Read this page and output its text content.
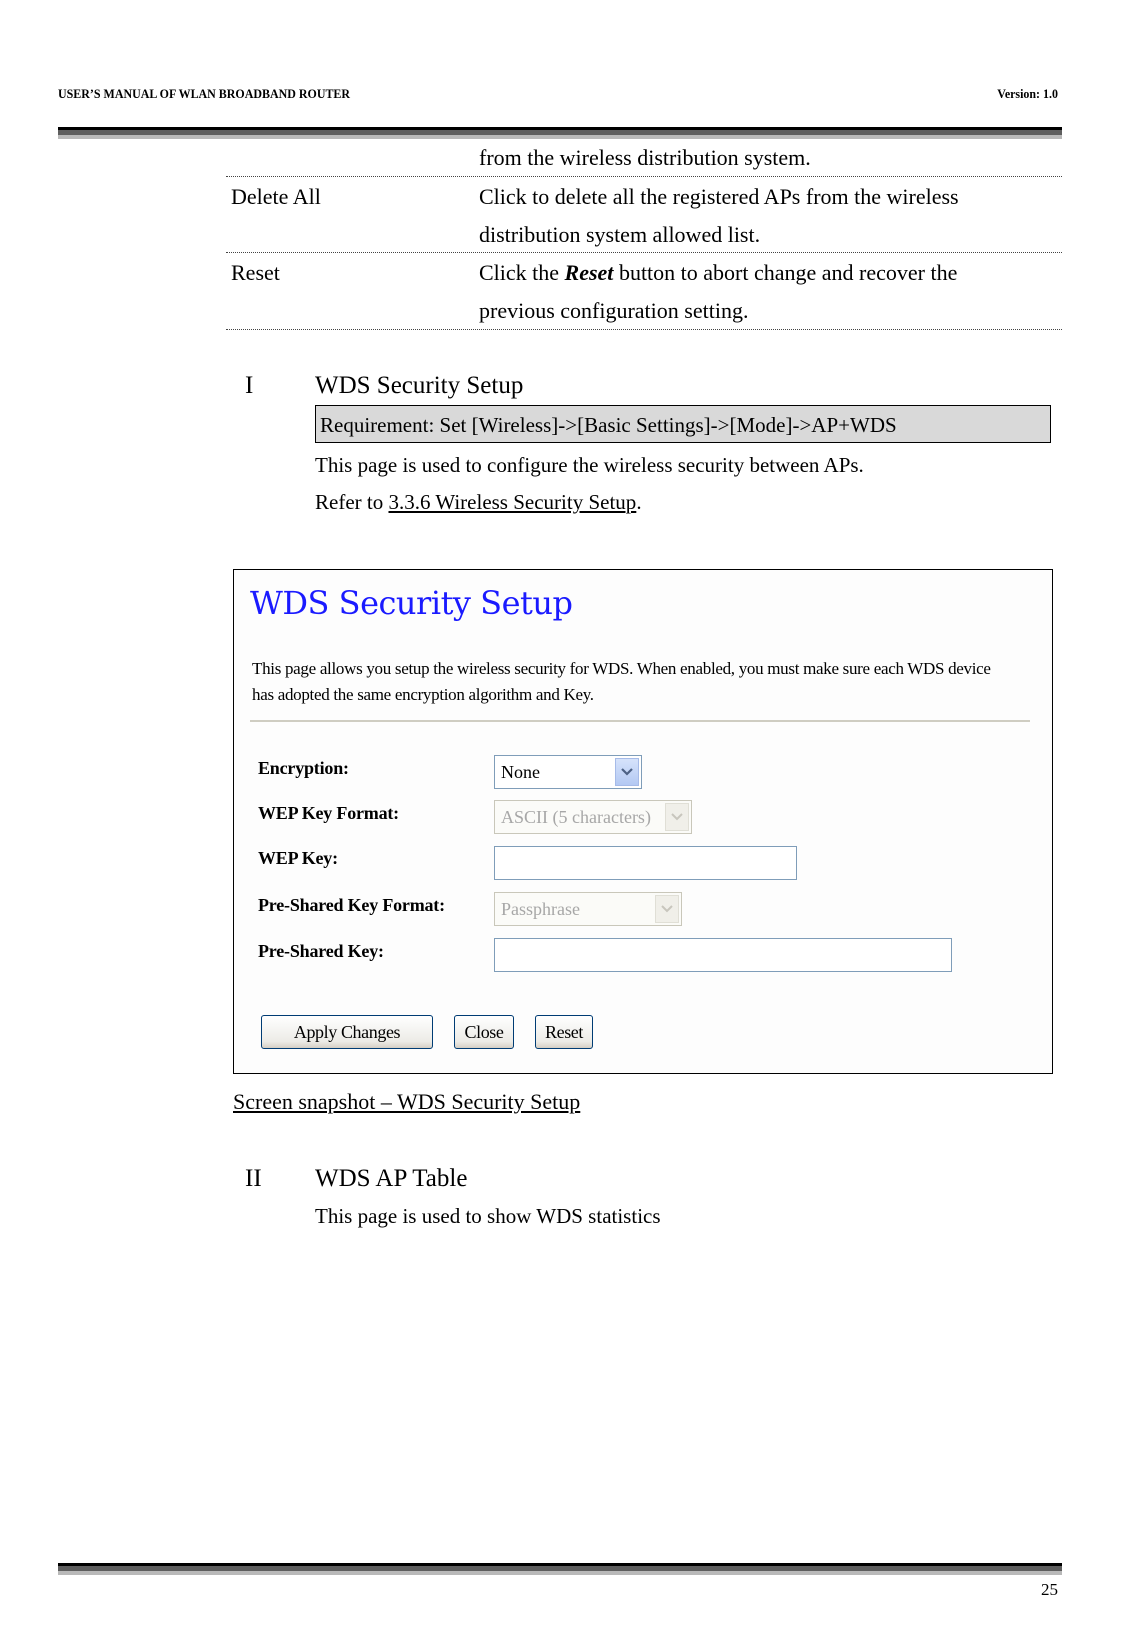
USER’S MANUAL OF WLAN BROADBAND ROUTER	Version: 1.0
from the wireless distribution system.
Delete All	Click to delete all the registered APs from the wireless
distribution system allowed list.
Reset	Click the Reset button to abort change and recover the
previous configuration setting.
I WDS Security Setup
Requirement: Set [Wireless]->[Basic Settings]->[Mode]->AP+WDS
This page is used to configure the wireless security between APs.
Refer to 3.3.6 Wireless Security Setup.
WDS Security Setup
This page allows you setup the wireless security for WDS. When enabled, you must make sure each WDS device has adopted the same encryption algorithm and Key.
Encryption:	None
WEP Key Format:	ASCII (5 characters)
WEP Key:
Pre-Shared Key Format:	Passphrase
Pre-Shared Key:
Apply Changes	Close	Reset
Screen snapshot – WDS Security Setup
II WDS AP Table
This page is used to show WDS statistics
25
